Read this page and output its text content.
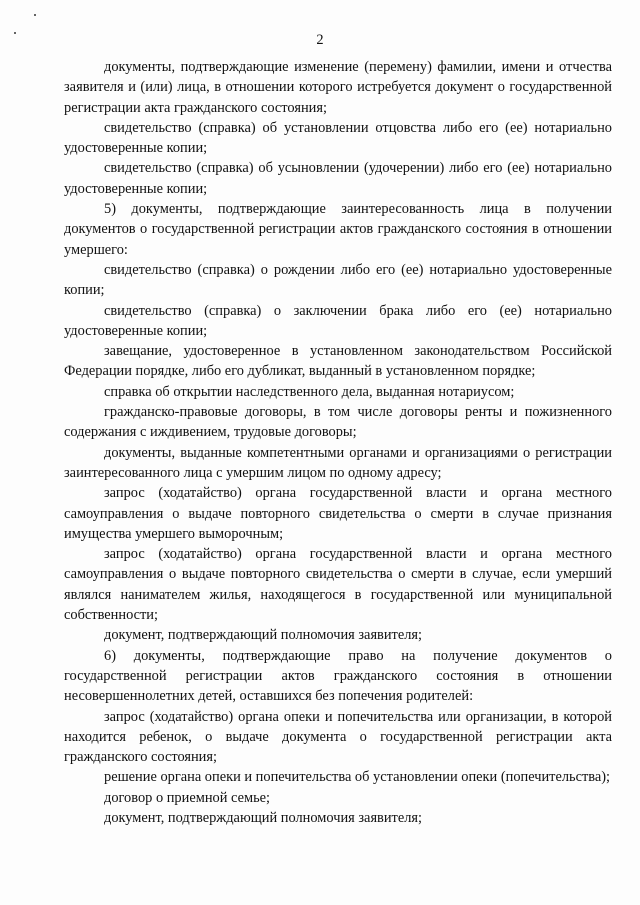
2

документы, подтверждающие изменение (перемену) фамилии, имени и отчества заявителя и (или) лица, в отношении которого истребуется документ о государственной регистрации акта гражданского состояния;

свидетельство (справка) об установлении отцовства либо его (ее) нотариально удостоверенные копии;

свидетельство (справка) об усыновлении (удочерении) либо его (ее) нотариально удостоверенные копии;

5) документы, подтверждающие заинтересованность лица в получении документов о государственной регистрации актов гражданского состояния в отношении умершего:

свидетельство (справка) о рождении либо его (ее) нотариально удостоверенные копии;

свидетельство (справка) о заключении брака либо его (ее) нотариально удостоверенные копии;

завещание, удостоверенное в установленном законодательством Российской Федерации порядке, либо его дубликат, выданный в установленном порядке;

справка об открытии наследственного дела, выданная нотариусом;

гражданско-правовые договоры, в том числе договоры ренты и пожизненного содержания с иждивением, трудовые договоры;

документы, выданные компетентными органами и организациями о регистрации заинтересованного лица с умершим лицом по одному адресу;

запрос (ходатайство) органа государственной власти и органа местного самоуправления о выдаче повторного свидетельства о смерти в случае признания имущества умершего выморочным;

запрос (ходатайство) органа государственной власти и органа местного самоуправления о выдаче повторного свидетельства о смерти в случае, если умерший являлся нанимателем жилья, находящегося в государственной или муниципальной собственности;

документ, подтверждающий полномочия заявителя;

6) документы, подтверждающие право на получение документов о государственной регистрации актов гражданского состояния в отношении несовершеннолетних детей, оставшихся без попечения родителей:

запрос (ходатайство) органа опеки и попечительства или организации, в которой находится ребенок, о выдаче документа о государственной регистрации акта гражданского состояния;

решение органа опеки и попечительства об установлении опеки (попечительства);

договор о приемной семье;

документ, подтверждающий полномочия заявителя;
